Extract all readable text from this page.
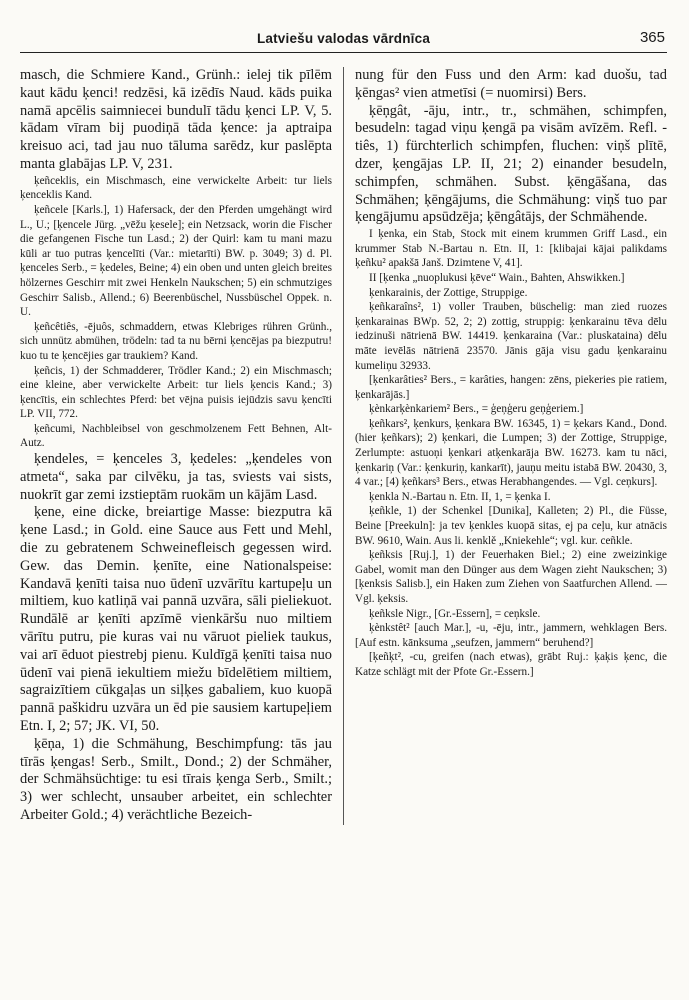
Latviešu valodas vārdnīca	365

masch, die Schmiere Kand., Grünh.: ielej tik pīlēm kaut kādu ķenci! redzēsi, kā izēdīs Naud. kāds puika namā apcēlis saimniecei bundulī tādu ķenci LP. V, 5. kādam vīram bij puodiņā tāda ķence: ja aptraipa kreisuo aci, tad jau nuo tāluma sarēdz, kur paslēpta manta glabājas LP. V, 231.

ķeñceklis, ein Mischmasch, eine verwickelte Arbeit: tur liels ķenceklis Kand.

ķeñcele [Karls.], 1) Hafersack, der den Pferden umgehängt wird L., U.; [ķencele Jürg. „vēžu ķesele]; ein Netzsack, worin die Fischer die gefangenen Fische tun Lasd.; 2) der Quirl: kam tu mani mazu kūli ar tuo putras ķencelīti (Var.: mietarīti) BW. p. 3049; 3) d. Pl. ķenceles Serb., = ķedeles, Beine; 4) ein oben und unten gleich breites hölzernes Geschirr mit zwei Henkeln Naukschen; 5) ein schmutziges Geschirr Salisb., Allend.; 6) Beerenbüschel, Nussbüschel Oppek. n. U.

ķeñcêtiês, -ējuôs, schmaddern, etwas Klebriges rühren Grünh., sich unnütz abmühen, trödeln: tad ta nu bērni ķencējas pa biezputru! kuo tu te ķencējies gar traukiem? Kand.

ķeñcis, 1) der Schmadderer, Trödler Kand.; 2) ein Mischmasch; eine kleine, aber verwickelte Arbeit: tur liels ķencis Kand.; 3) ķencītis, ein schlechtes Pferd: bet vējna puisis iejūdzis savu ķencīti LP. VII, 772.

ķeñcumi, Nachbleibsel von geschmolzenem Fett Behnen, Alt-Autz.

ķendeles, = ķenceles 3, ķedeles: „ķendeles von atmeta“, saka par cilvēku, ja tas, sviests vai sists, nuokrīt gar zemi izstieptām ruokām un kājām Lasd.

ķene, eine dicke, breiartige Masse: biezputra kā ķene Lasd.; in Gold. eine Sauce aus Fett und Mehl, die zu gebratenem Schweinefleisch gegessen wird. Gew. das Demin. ķenīte, eine Nationalspeise: Kandavā ķenīti taisa nuo ūdenī uzvārītu kartupeļu un miltiem, kuo katliņā vai pannā uzvāra, sāli pieliekuot. Rundālē ar ķenīti apzīmē vienkāršu nuo miltiem vārītu putru, pie kuras vai nu vāruot pieliek taukus, vai arī ēduot piestrebj pienu. Kuldīgā ķenīti taisa nuo ūdenī vai pienā iekultiem miežu bīdelētiem miltiem, sagraizītiem cūkgaļas un siļķes gabaliem, kuo kuopā pannā paškidru uzvāra un ēd pie sausiem kartupeļiem Etn. I, 2; 57; JK. VI, 50.

ķēņa, 1) die Schmähung, Beschimpfung: tās jau tīrās ķengas! Serb., Smilt., Dond.; 2) der Schmäher, der Schmähsüchtige: tu esi tīrais ķenga Serb., Smilt.; 3) wer schlecht, unsauber arbeitet, ein schlechter Arbeiter Gold.; 4) verächtliche Bezeich-

nung für den Fuss und den Arm: kad duošu, tad ķēngas² vien atmetīsi (= nuomirsi) Bers.

ķēņgât, -āju, intr., tr., schmähen, schimpfen, besudeln: tagad viņu ķengā pa visām avīzēm. Refl. -tiês, 1) fürchterlich schimpfen, fluchen: viņš plītē, dzer, ķengājas LP. II, 21; 2) einander besudeln, schimpfen, schmähen. Subst. ķēngāšana, das Schmähen; ķēngājums, die Schmähung: viņš tuo par ķengājumu apsūdzēja; ķēngâtājs, der Schmähende.

I ķenka, ein Stab, Stock mit einem krummen Griff Lasd., ein krummer Stab N.-Bartau n. Etn. II, 1: [klibajai kājai palikdams ķeñku² apakšā Janš. Dzimtene V, 41].

II [ķenka „nuoplukusi ķēve“ Wain., Bahten, Ahswikken.]

ķenkarainis, der Zottige, Struppige.

ķeñkaraîns², 1) voller Trauben, büschelig: man zied ruozes ķenkarainas BWp. 52, 2; 2) zottig, struppig: ķenkarainu tēva dēlu iedzinuši nātrienā BW. 14419. ķenkaraina (Var.: pluskataina) dēlu māte ievēlās nātrienā 23570. Jānis gāja visu gadu ķenkarainu kumeliņu 32933.

[ķenkarâties² Bers., = karâties, hangen: zēns, piekeries pie ratiem, ķenkarājās.]

ķènkarķènkariem² Bers., = ģeņģeru geņģeriem.]

ķeñkars², ķenkurs, ķenkara BW. 16345, 1) = ķekars Kand., Dond. (hier ķeñkars); 2) ķenkari, die Lumpen; 3) der Zottige, Struppige, Zerlumpte: astuoņi ķenkari atķenkarāja BW. 16273. kam tu nāci, ķenkariņ (Var.: ķenkuriņ, kankarīt), jauņu meitu istabā BW. 20430, 3, 4 var.; [4) ķeñkars³ Bers., etwas Herabhangendes. — Vgl. ceņkurs].

ķenkla N.-Bartau n. Etn. II, 1, = ķenka I.

ķeñkle, 1) der Schenkel [Dunika], Kalleten; 2) Pl., die Füsse, Beine [Preekuln]: ja tev ķenkles kuopā sitas, ej pa ceļu, kur atnācis BW. 9610, Wain. Aus li. kenklě „Kniekehle“; vgl. kur. ceñkle.

ķeñksis [Ruj.], 1) der Feuerhaken Biel.; 2) eine zweizinkige Gabel, womit man den Dünger aus dem Wagen zieht Naukschen; 3) [ķenksis Salisb.], ein Haken zum Ziehen von Saatfurchen Allend. — Vgl. ķeksis.

ķeñksle Nigr., [Gr.-Essern], = ceņksle.

ķènkstêt² [auch Mar.], -u, -ēju, intr., jammern, wehklagen Bers. [Auf estn. kānksuma „seufzen, jammern“ beruhend?]

[ķeñķt², -cu, greifen (nach etwas), grābt Ruj.: ķaķis ķenc, die Katze schlägt mit der Pfote Gr.-Essern.]
